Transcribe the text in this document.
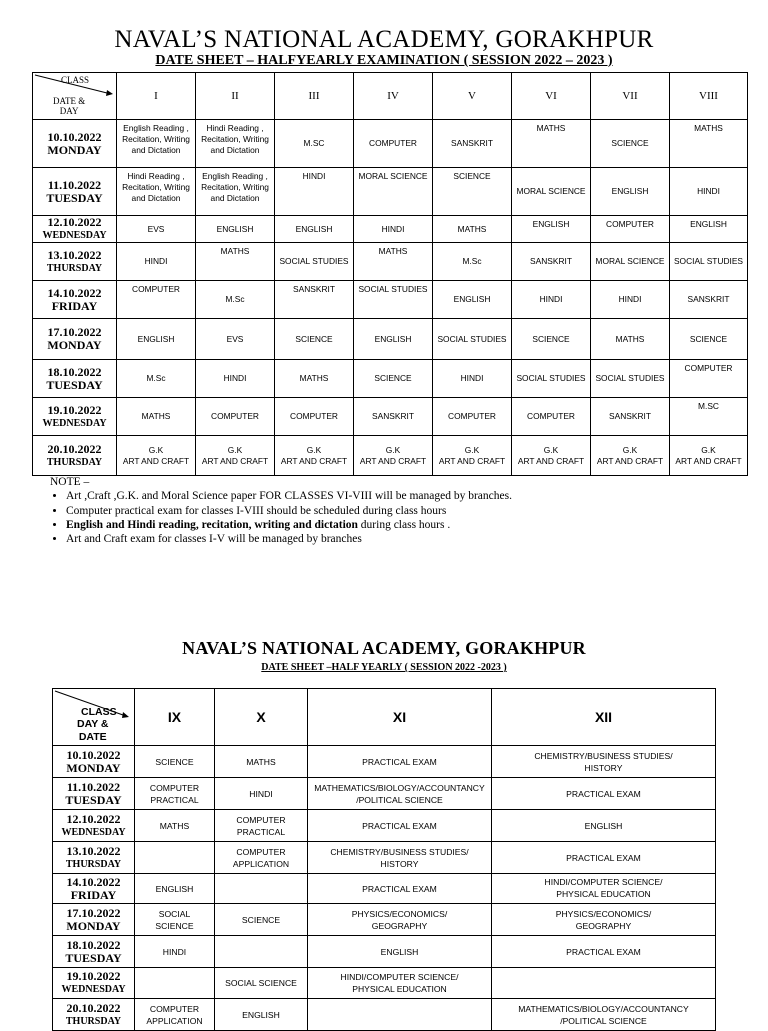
NAVAL’S NATIONAL ACADEMY, GORAKHPUR
DATE SHEET – HALFYEARLY EXAMINATION ( SESSION 2022 – 2023 )
CLASS
DATE &
DAY	I	II	III	IV	V	VI	VII	VIII
10.10.2022
MONDAY	English Reading , Recitation, Writing and Dictation	Hindi Reading , Recitation, Writing and Dictation	M.SC	COMPUTER	SANSKRIT	MATHS	SCIENCE	MATHS
11.10.2022
TUESDAY	Hindi Reading , Recitation, Writing and Dictation	English Reading , Recitation, Writing and Dictation	HINDI	MORAL SCIENCE	SCIENCE	MORAL SCIENCE	ENGLISH	HINDI
12.10.2022
WEDNESDAY	EVS	ENGLISH	ENGLISH	HINDI	MATHS	ENGLISH	COMPUTER	ENGLISH
13.10.2022
THURSDAY	HINDI	MATHS	SOCIAL STUDIES	MATHS	M.Sc	SANSKRIT	MORAL SCIENCE	SOCIAL STUDIES
14.10.2022
FRIDAY	COMPUTER	M.Sc	SANSKRIT	SOCIAL STUDIES	ENGLISH	HINDI	HINDI	SANSKRIT
17.10.2022
MONDAY	ENGLISH	EVS	SCIENCE	ENGLISH	SOCIAL STUDIES	SCIENCE	MATHS	SCIENCE
18.10.2022
TUESDAY	M.Sc	HINDI	MATHS	SCIENCE	HINDI	SOCIAL STUDIES	SOCIAL STUDIES	COMPUTER
19.10.2022
WEDNESDAY	MATHS	COMPUTER	COMPUTER	SANSKRIT	COMPUTER	COMPUTER	SANSKRIT	M.SC
20.10.2022
THURSDAY	G.K
ART AND CRAFT	G.K
ART AND CRAFT	G.K
ART AND CRAFT	G.K
ART AND CRAFT	G.K
ART AND CRAFT	G.K
ART AND CRAFT	G.K
ART AND CRAFT	G.K
ART AND CRAFT
NOTE –
• Art ,Craft ,G.K. and Moral Science paper FOR CLASSES VI-VIII will be managed by branches.
• Computer practical exam for classes I-VIII should be scheduled during class hours
• English and Hindi reading, recitation, writing and dictation during class hours .
• Art and Craft exam for classes I-V will be managed by branches
NAVAL’S NATIONAL ACADEMY, GORAKHPUR
DATE SHEET –HALF YEARLY ( SESSION 2022 -2023 )
CLASS
DAY &
DATE	IX	X	XI	XII
10.10.2022
MONDAY	SCIENCE	MATHS	PRACTICAL EXAM	CHEMISTRY/BUSINESS STUDIES/
HISTORY
11.10.2022
TUESDAY	COMPUTER
PRACTICAL	HINDI	MATHEMATICS/BIOLOGY/ACCOUNTANCY
/POLITICAL SCIENCE	PRACTICAL EXAM
12.10.2022
WEDNESDAY	MATHS	COMPUTER
PRACTICAL	PRACTICAL EXAM	ENGLISH
13.10.2022
THURSDAY		COMPUTER
APPLICATION	CHEMISTRY/BUSINESS STUDIES/
HISTORY	PRACTICAL EXAM
14.10.2022
FRIDAY	ENGLISH		PRACTICAL EXAM	HINDI/COMPUTER SCIENCE/
PHYSICAL EDUCATION
17.10.2022
MONDAY	SOCIAL
SCIENCE	SCIENCE	PHYSICS/ECONOMICS/
GEOGRAPHY	PHYSICS/ECONOMICS/
GEOGRAPHY
18.10.2022
TUESDAY	HINDI		ENGLISH	PRACTICAL EXAM
19.10.2022
WEDNESDAY		SOCIAL SCIENCE	HINDI/COMPUTER SCIENCE/
PHYSICAL EDUCATION	
20.10.2022
THURSDAY	COMPUTER
APPLICATION	ENGLISH		MATHEMATICS/BIOLOGY/ACCOUNTANCY
/POLITICAL SCIENCE
